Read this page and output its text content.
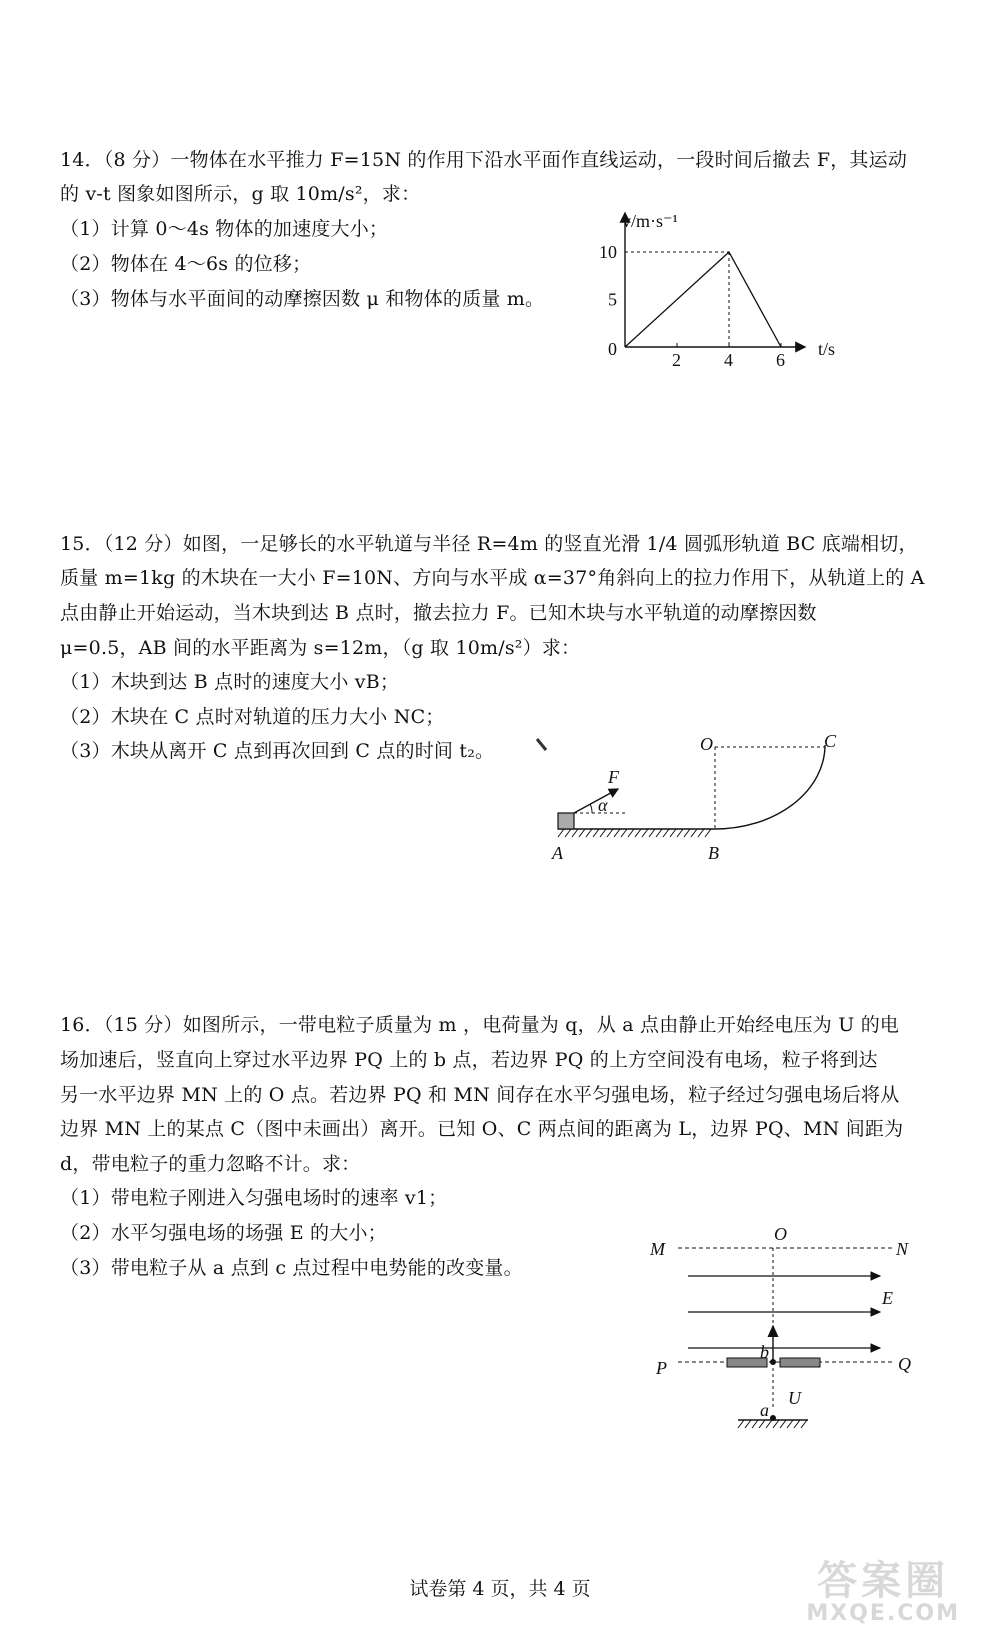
14．（8 分）一物体在水平推力 F=15N 的作用下沿水平面作直线运动，一段时间后撤去 F，其运动
的 v-t 图象如图所示，g 取 10m/s²，求：
（1）计算 0～4s 物体的加速度大小；
（2）物体在 4～6s 的位移；
（3）物体与水平面间的动摩擦因数 μ 和物体的质量 m。
2 4 6
0
5
10
v/m·s⁻¹
t/s
15．（12 分）如图，一足够长的水平轨道与半径 R=4m 的竖直光滑 1/4 圆弧形轨道 BC 底端相切，
质量 m=1kg 的木块在一大小 F=10N、方向与水平成 α=37°角斜向上的拉力作用下，从轨道上的 A
点由静止开始运动，当木块到达 B 点时，撤去拉力 F。已知木块与水平轨道的动摩擦因数
μ=0.5，AB 间的水平距离为 s=12m，（g 取 10m/s²）求：
（1）木块到达 B 点时的速度大小 vB；
（2）木块在 C 点时对轨道的压力大小 NC；
（3）木块从离开 C 点到再次回到 C 点的时间 t₂。	O	C
F
α
A	B
16．（15 分）如图所示，一带电粒子质量为 m ，电荷量为 q，从 a 点由静止开始经电压为 U 的电
场加速后，竖直向上穿过水平边界 PQ 上的 b 点，若边界 PQ 的上方空间没有电场，粒子将到达
另一水平边界 MN 上的 O 点。若边界 PQ 和 MN 间存在水平匀强电场，粒子经过匀强电场后将从
边界 MN 上的某点 C（图中未画出）离开。已知 O、C 两点间的距离为 L，边界 PQ、MN 间距为
d，带电粒子的重力忽略不计。求：
（1）带电粒子刚进入匀强电场时的速率 v1；
（2）水平匀强电场的场强 E 的大小；
（3）带电粒子从 a 点到 c 点过程中电势能的改变量。
M
O
N
E
b
P	Q
U
a
试卷第 4 页，共 4 页	答案圈
MXQE.COM
